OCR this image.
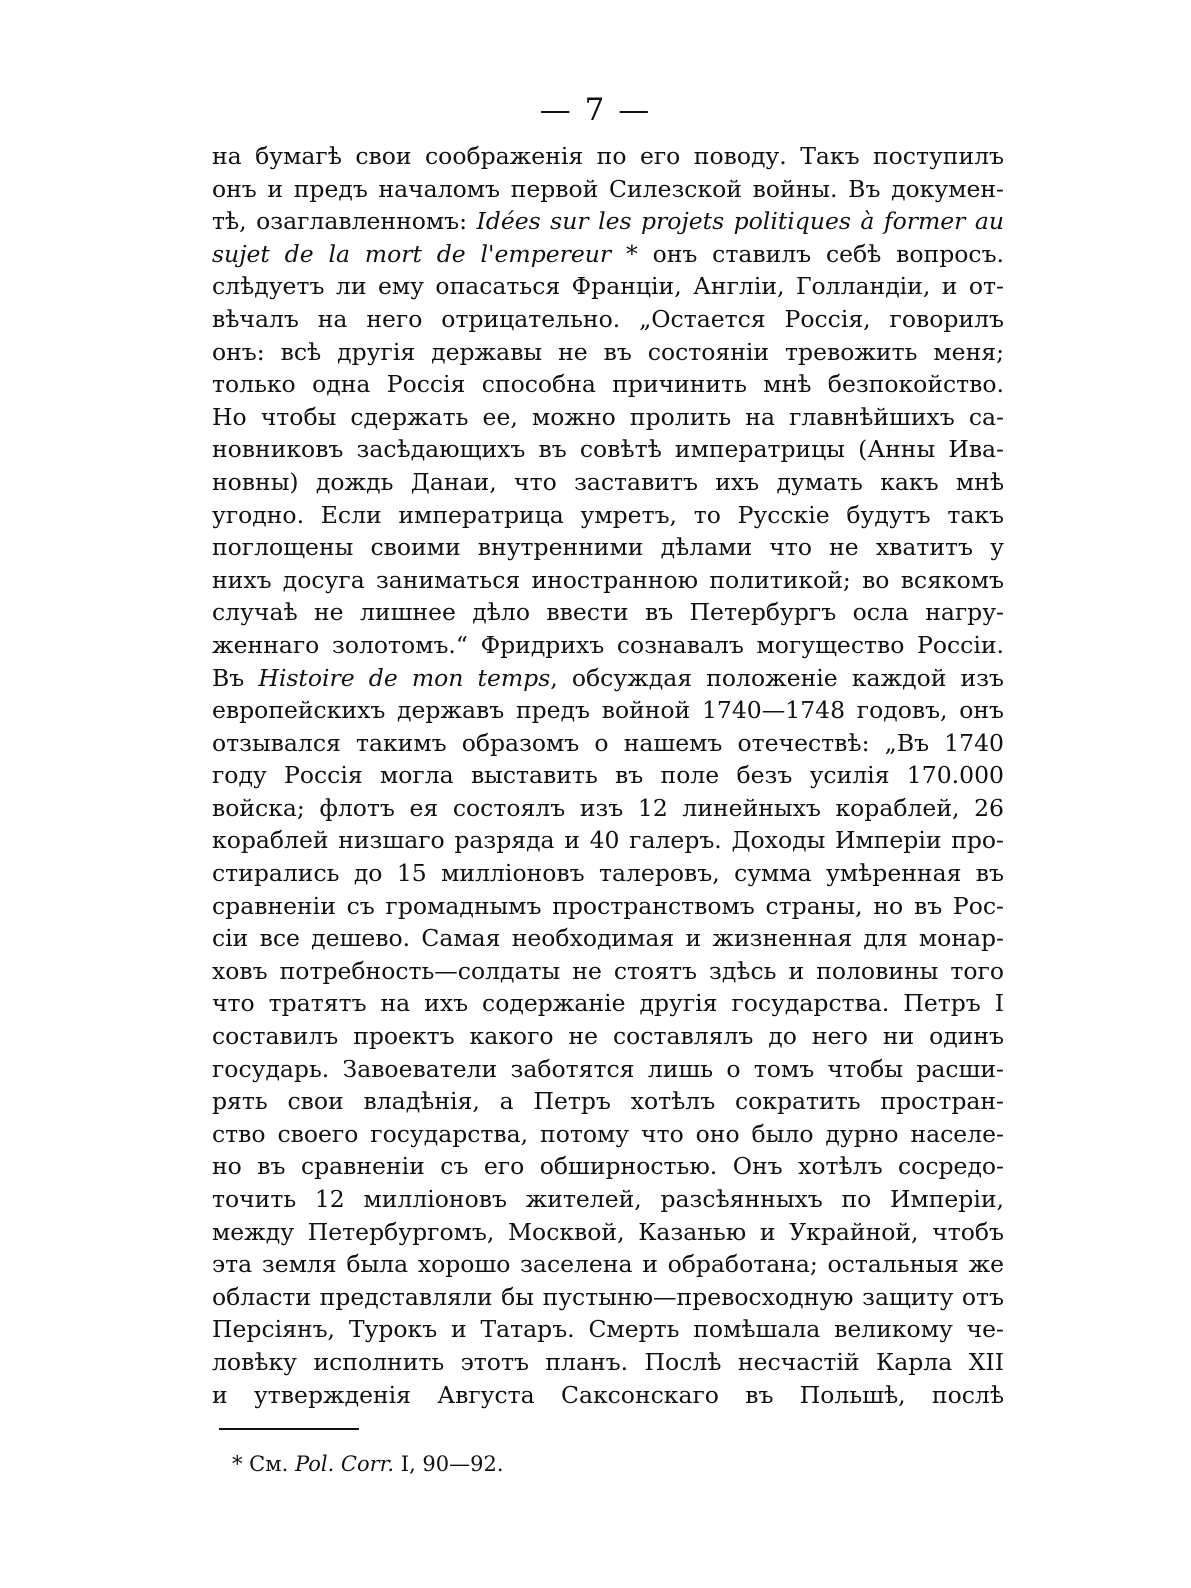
— 7 —
на бумагѣ свои соображенія по его поводу. Такъ поступилъ
онъ и предъ началомъ первой Силезской войны. Въ докумен-
тѣ, озаглавленномъ: Idées sur les projets politiques à former au
sujet de la mort de l'empereur * онъ ставилъ себѣ вопросъ.
слѣдуетъ ли ему опасаться Франціи, Англіи, Голландіи, и от-
вѣчалъ на него отрицательно. „Остается Россія, говорилъ
онъ: всѣ другія державы не въ состояніи тревожить меня;
только одна Россія способна причинить мнѣ безпокойство.
Но чтобы сдержать ее, можно пролить на главнѣйшихъ са-
новниковъ засѣдающихъ въ совѣтѣ императрицы (Анны Ива-
новны) дождь Данаи, что заставитъ ихъ думать какъ мнѣ
угодно. Если императрица умретъ, то Русскіе будутъ такъ
поглощены своими внутренними дѣлами что не хватитъ у
нихъ досуга заниматься иностранною политикой; во всякомъ
случаѣ не лишнее дѣло ввести въ Петербургъ осла нагру-
женнаго золотомъ.“ Фридрихъ сознавалъ могущество Россіи.
Въ Histoire de mon temps, обсуждая положеніе каждой изъ
европейскихъ державъ предъ войной 1740—1748 годовъ, онъ
отзывался такимъ образомъ о нашемъ отечествѣ: „Въ 1740
году Россія могла выставить въ поле безъ усилія 170.000
войска; флотъ ея состоялъ изъ 12 линейныхъ кораблей, 26
кораблей низшаго разряда и 40 галеръ. Доходы Имперіи про-
стирались до 15 милліоновъ талеровъ, сумма умѣренная въ
сравненіи съ громаднымъ пространствомъ страны, но въ Рос-
сіи все дешево. Самая необходимая и жизненная для монар-
ховъ потребность—солдаты не стоятъ здѣсь и половины того
что тратятъ на ихъ содержаніе другія государства. Петръ I
составилъ проектъ какого не составлялъ до него ни одинъ
государь. Завоеватели заботятся лишь о томъ чтобы расши-
рять свои владѣнія, а Петръ хотѣлъ сократить простран-
ство своего государства, потому что оно было дурно населе-
но въ сравненіи съ его обширностью. Онъ хотѣлъ сосредо-
точить 12 милліоновъ жителей, разсѣянныхъ по Имперіи,
между Петербургомъ, Москвой, Казанью и Украйной, чтобъ
эта земля была хорошо заселена и обработана; остальныя же
области представляли бы пустыню—превосходную защиту отъ
Персіянъ, Турокъ и Татаръ. Смерть помѣшала великому че-
ловѣку исполнить этотъ планъ. Послѣ несчастій Карла XII
и утвержденія Августа Саксонскаго въ Польшѣ, послѣ
* См. Pol. Corr. I, 90—92.
